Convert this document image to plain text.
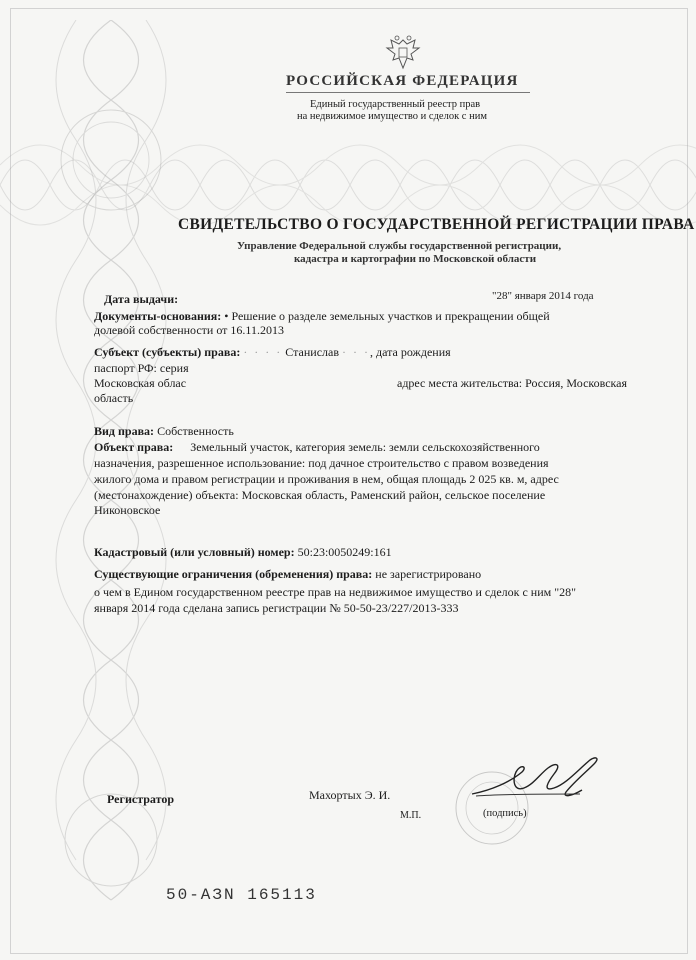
РОССИЙСКАЯ ФЕДЕРАЦИЯ
Единый государственный реестр прав
на недвижимое имущество и сделок с ним
СВИДЕТЕЛЬСТВО О ГОСУДАРСТВЕННОЙ РЕГИСТРАЦИИ ПРАВА
Управление Федеральной службы государственной регистрации,
кадастра и картографии по Московской области
Дата выдачи:	"28" января 2014 года
Документы-основания: • Решение о разделе земельных участков и прекращении общей
долевой собственности от 16.11.2013
Субъект (субъекты) права: · · · · Станислав · · ·, дата рождения
паспорт РФ: серия
Московская облас	адрес места жительства: Россия, Московская
область
Вид права: Собственность
Объект права: Земельный участок, категория земель: земли сельскохозяйственного
назначения, разрешенное использование: под дачное строительство с правом возведения
жилого дома и правом регистрации и проживания в нем, общая площадь 2 025 кв. м, адрес
(местонахождение) объекта: Московская область, Раменский район, сельское поселение
Никоновское
Кадастровый (или условный) номер: 50:23:0050249:161
Существующие ограничения (обременения) права: не зарегистрировано
о чем в Едином государственном реестре прав на недвижимое имущество и сделок с ним "28"
января 2014 года сделана запись регистрации № 50-50-23/227/2013-333
Регистратор	Махортых Э. И.
М.П.	(подпись)
50-АЗN 165113
